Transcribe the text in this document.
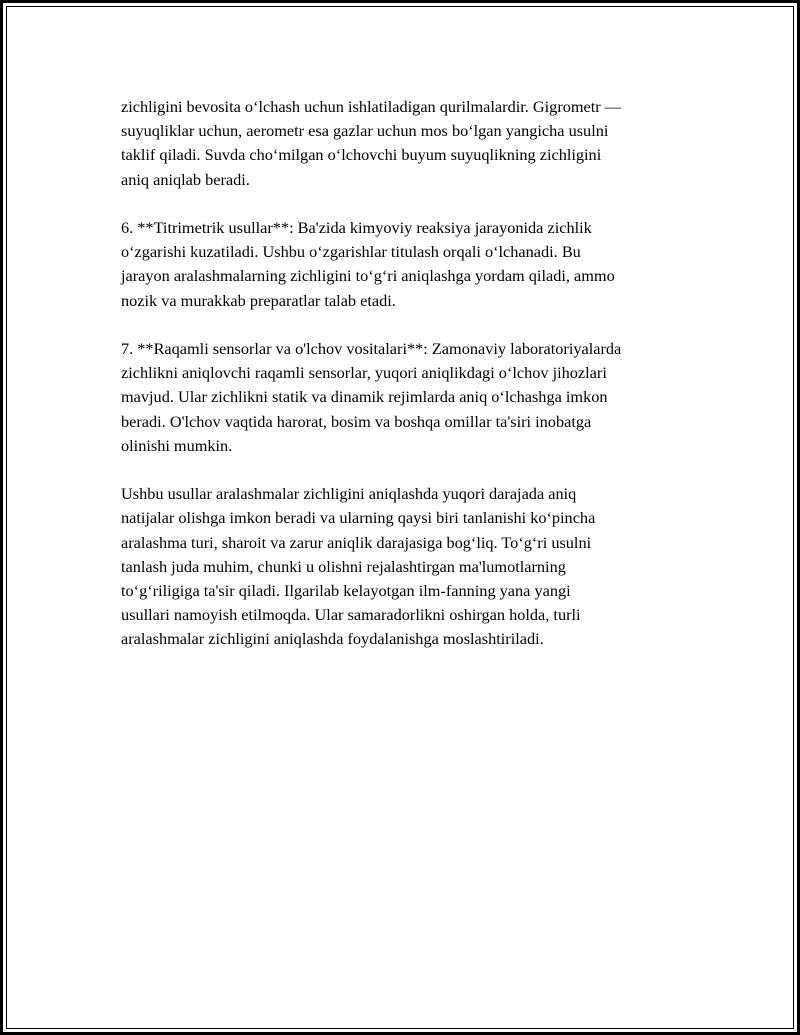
zichligini bevosita oʻlchash uchun ishlatiladigan qurilmalardir. Gigrometr —
suyuqliklar uchun, aerometr esa gazlar uchun mos boʻlgan yangicha usulni
taklif qiladi. Suvda choʻmilgan oʻlchovchi buyum suyuqlikning zichligini
aniq aniqlab beradi.

6. **Titrimetrik usullar**: Ba'zida kimyoviy reaksiya jarayonida zichlik
oʻzgarishi kuzatiladi. Ushbu oʻzgarishlar titulash orqali oʻlchanadi. Bu
jarayon aralashmalarning zichligini toʻgʻri aniqlashga yordam qiladi, ammo
nozik va murakkab preparatlar talab etadi.

7. **Raqamli sensorlar va o'lchov vositalari**: Zamonaviy laboratoriyalarda
zichlikni aniqlovchi raqamli sensorlar, yuqori aniqlikdagi oʻlchov jihozlari
mavjud. Ular zichlikni statik va dinamik rejimlarda aniq oʻlchashga imkon
beradi. O'lchov vaqtida harorat, bosim va boshqa omillar ta'siri inobatga
olinishi mumkin.

Ushbu usullar aralashmalar zichligini aniqlashda yuqori darajada aniq
natijalar olishga imkon beradi va ularning qaysi biri tanlanishi koʻpincha
aralashma turi, sharoit va zarur aniqlik darajasiga bogʻliq. Toʻgʻri usulni
tanlash juda muhim, chunki u olishni rejalashtirgan ma'lumotlarning
toʻgʻriligiga ta'sir qiladi. Ilgarilab kelayotgan ilm-fanning yana yangi
usullari namoyish etilmoqda. Ular samaradorlikni oshirgan holda, turli
aralashmalar zichligini aniqlashda foydalanishga moslashtiriladi.
